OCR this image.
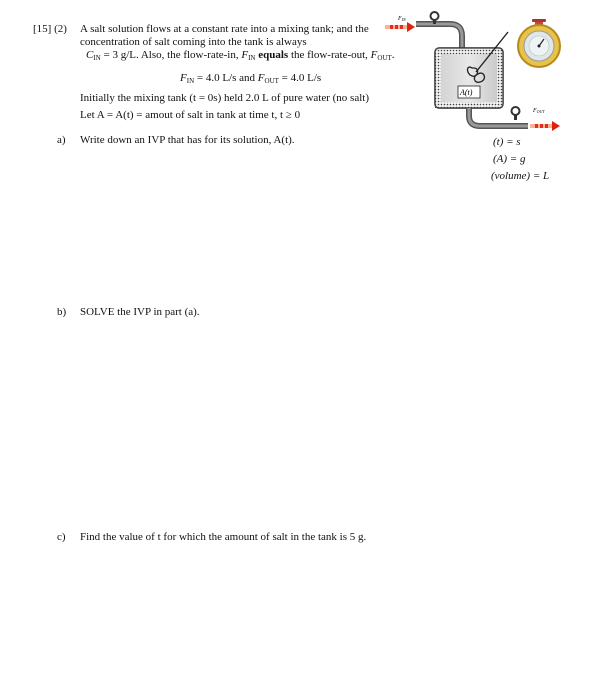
[15] (2) A salt solution flows at a constant rate into a mixing tank; and the
concentration of salt coming into the tank is always
$C_{IN} = 3$ g/L. Also, the flow-rate-in, $F_{IN}$ equals the flow-rate-out, $F_{OUT}$.
$F_{IN} = 4.0$ L/s and $F_{OUT} = 4.0$ L/s
Initially the mixing tank (t = 0s) held 2.0 L of pure water (no salt)
Let A = A(t) = amout of salt in tank at time t, t ≥ 0
a) Write down an IVP that has for its solution, A(t).
b) SOLVE the IVP in part (a).
c) Find the value of t for which the amount of salt in the tank is 5 g.
(t) = s
(A) = g
(volume) = L
FIN
A(t)
FOUT
